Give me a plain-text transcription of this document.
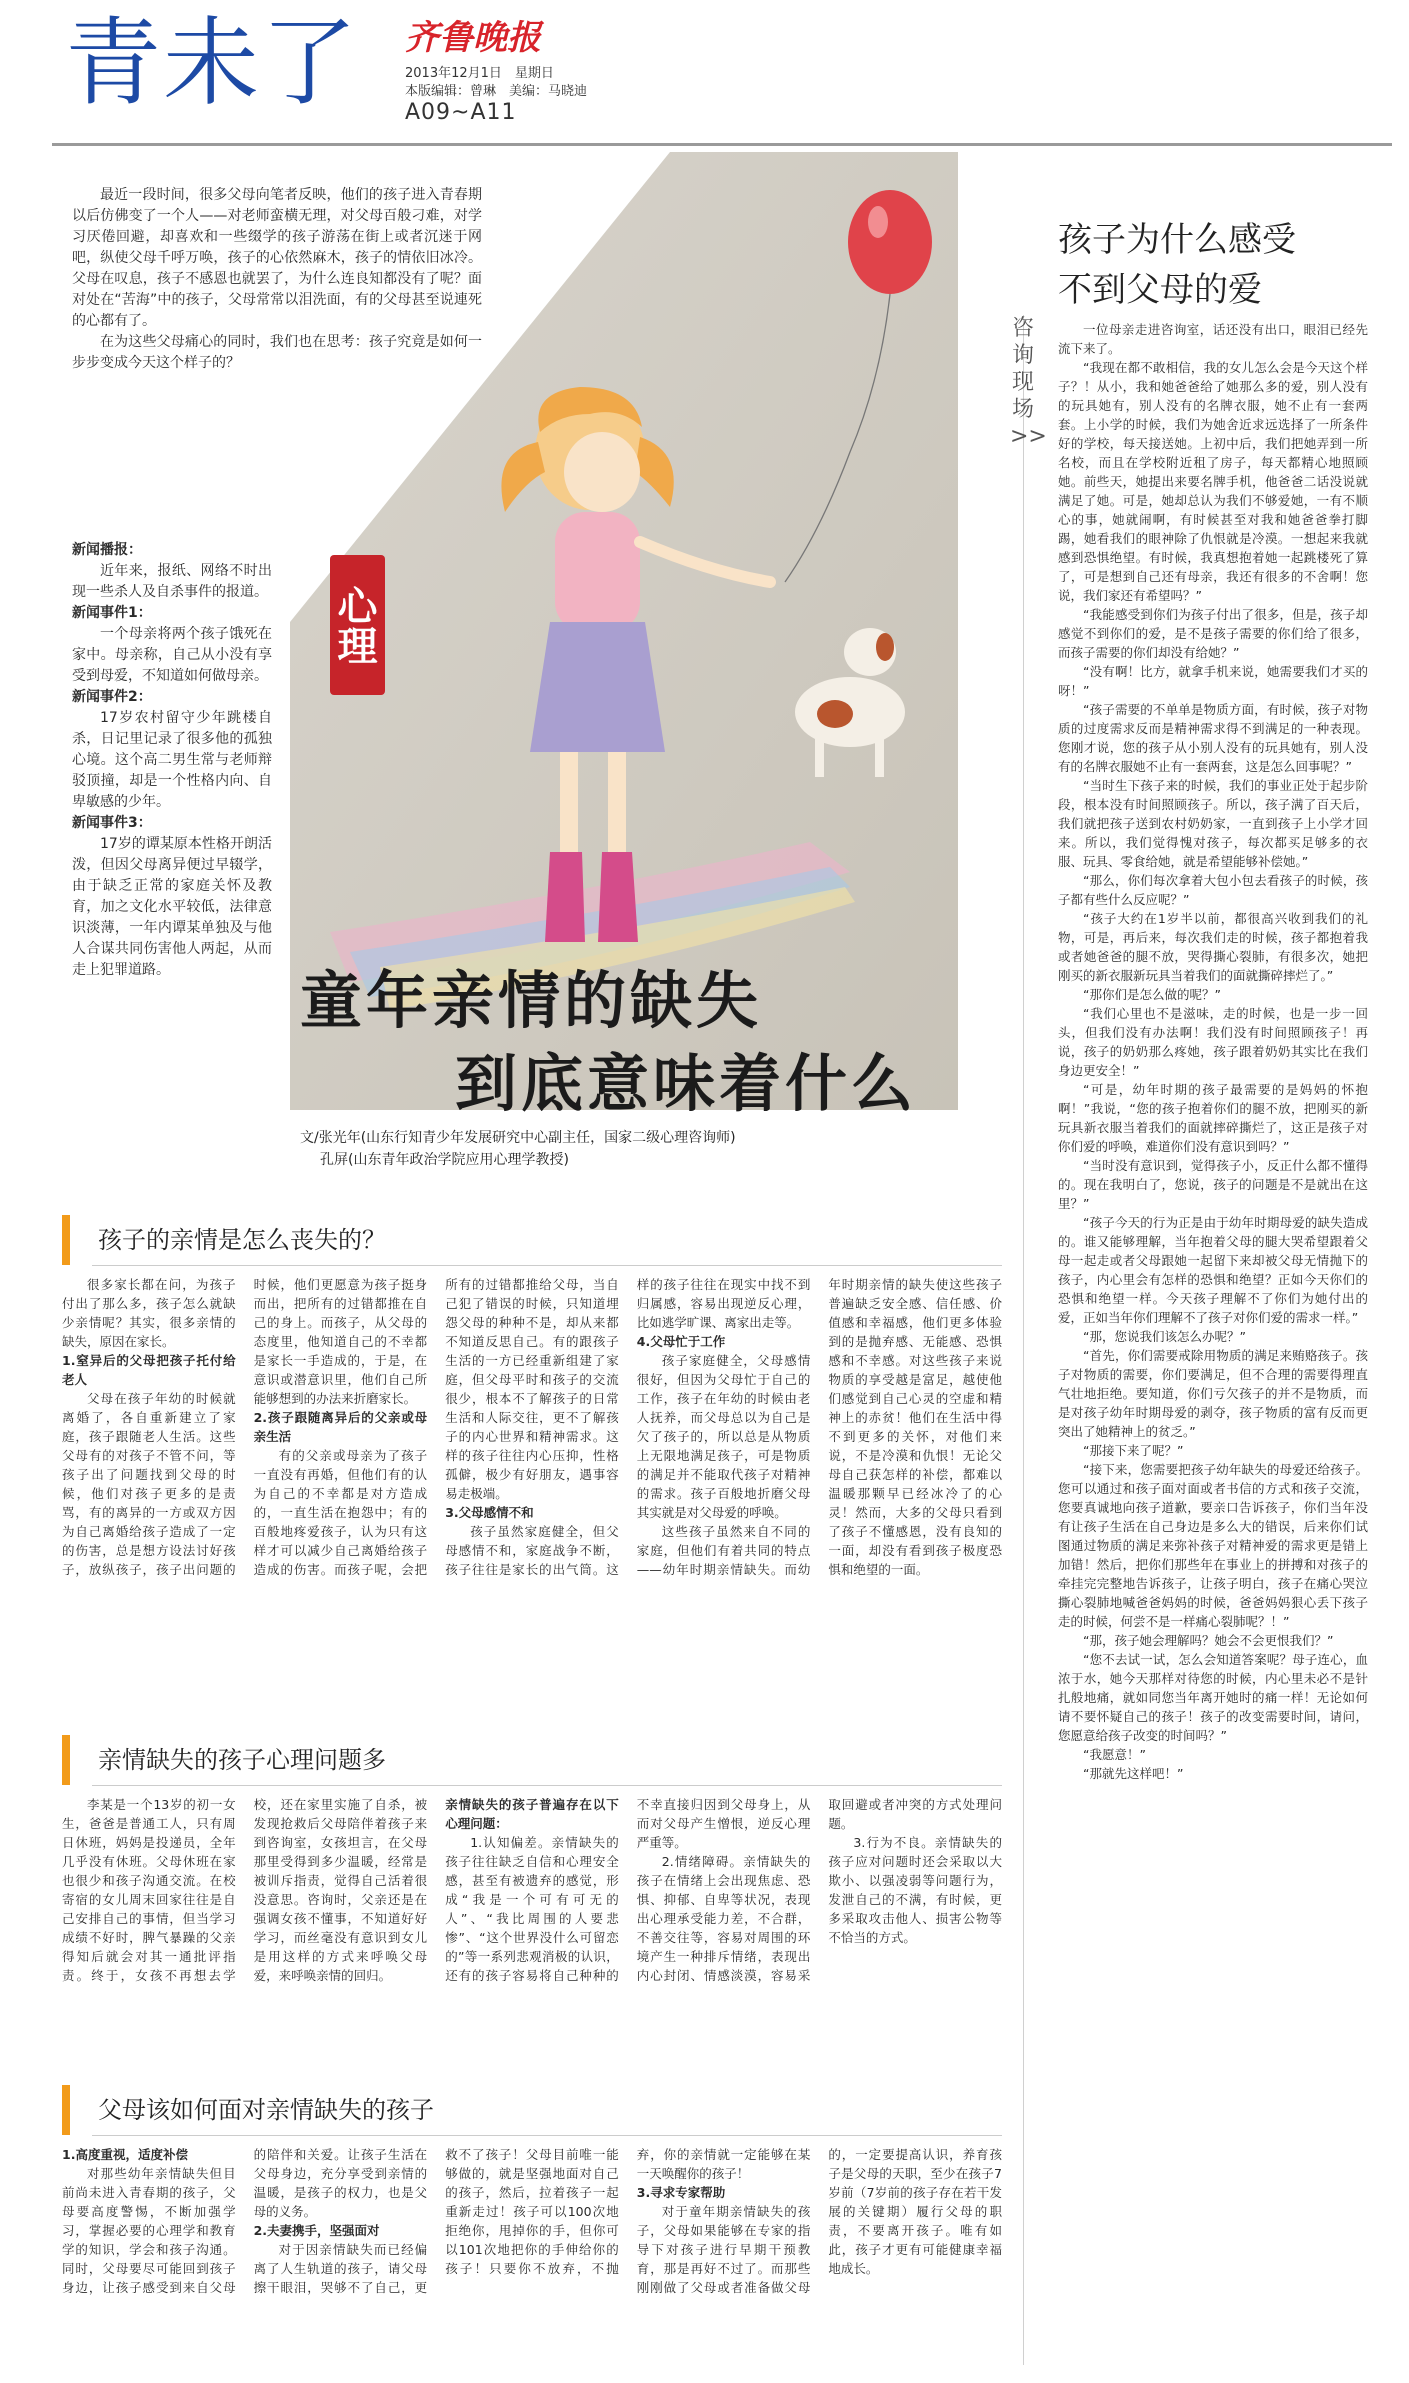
青未了 齐鲁晚报
2013年12月1日　星期日
本版编辑：曾琳　美编：马晓迪
A09~A11
心理
童年亲情的缺失
到底意味着什么
文/张光年(山东行知青少年发展研究中心副主任，国家二级心理咨询师)
孔屏(山东青年政治学院应用心理学教授)

最近一段时间，很多父母向笔者反映，他们的孩子进入青春期以后仿佛变了一个人——对老师蛮横无理，对父母百般刁难，对学习厌倦回避，却喜欢和一些缀学的孩子游荡在街上或者沉迷于网吧，纵使父母千呼万唤，孩子的心依然麻木，孩子的情依旧冰冷。父母在叹息，孩子不感恩也就罢了，为什么连良知都没有了呢？面对处在“苦海”中的孩子，父母常常以泪洗面，有的父母甚至说連死的心都有了。

在为这些父母痛心的同时，我们也在思考：孩子究竟是如何一步步变成今天这个样子的？

新闻播报：

近年来，报纸、网络不时出现一些杀人及自杀事件的报道。

新闻事件1：

一个母亲将两个孩子饿死在家中。母亲称，自己从小没有享受到母爱，不知道如何做母亲。

新闻事件2：

17岁农村留守少年跳楼自杀，日记里记录了很多他的孤独心境。这个高二男生常与老师辩驳顶撞，却是一个性格内向、自卑敏感的少年。

新闻事件3：

17岁的谭某原本性格开朗活泼，但因父母离异便过早辍学，由于缺乏正常的家庭关怀及教育，加之文化水平较低，法律意识淡薄，一年内谭某单独及与他人合谋共同伤害他人两起，从而走上犯罪道路。

孩子为什么感受
不到父母的爱
咨询现场>>

一位母亲走进咨询室，话还没有出口，眼泪已经先流下来了。

“我现在都不敢相信，我的女儿怎么会是今天这个样子？！从小，我和她爸爸给了她那么多的爱，别人没有的玩具她有，别人没有的名牌衣服，她不止有一套两套。上小学的时候，我们为她舍近求远选择了一所条件好的学校，每天接送她。上初中后，我们把她弄到一所名校，而且在学校附近租了房子，每天都精心地照顾她。前些天，她提出来要名牌手机，他爸爸二话没说就满足了她。可是，她却总认为我们不够爱她，一有不顺心的事，她就闹啊，有时候甚至对我和她爸爸拳打脚踢，她看我们的眼神除了仇恨就是冷漠。一想起来我就感到恐惧绝望。有时候，我真想抱着她一起跳楼死了算了，可是想到自己还有母亲，我还有很多的不舍啊！您说，我们家还有希望吗？”

“我能感受到你们为孩子付出了很多，但是，孩子却感觉不到你们的爱，是不是孩子需要的你们给了很多，而孩子需要的你们却没有给她？”

“没有啊！比方，就拿手机来说，她需要我们才买的呀！”

“孩子需要的不单单是物质方面，有时候，孩子对物质的过度需求反而是精神需求得不到满足的一种表现。您刚才说，您的孩子从小别人没有的玩具她有，别人没有的名牌衣服她不止有一套两套，这是怎么回事呢？”

“当时生下孩子来的时候，我们的事业正处于起步阶段，根本没有时间照顾孩子。所以，孩子满了百天后，我们就把孩子送到农村奶奶家，一直到孩子上小学才回来。所以，我们觉得愧对孩子，每次都买足够多的衣服、玩具、零食给她，就是希望能够补偿她。”

“那么，你们每次拿着大包小包去看孩子的时候，孩子都有些什么反应呢？”

“孩子大约在1岁半以前，都很高兴收到我们的礼物，可是，再后来，每次我们走的时候，孩子都抱着我或者她爸爸的腿不放，哭得撕心裂肺，有很多次，她把刚买的新衣服新玩具当着我们的面就撕碎摔烂了。”

“那你们是怎么做的呢？”

“我们心里也不是滋味，走的时候，也是一步一回头，但我们没有办法啊！我们没有时间照顾孩子！再说，孩子的奶奶那么疼她，孩子跟着奶奶其实比在我们身边更安全！”

“可是，幼年时期的孩子最需要的是妈妈的怀抱啊！”我说，“您的孩子抱着你们的腿不放，把刚买的新玩具新衣服当着我们的面就摔碎撕烂了，这正是孩子对你们爱的呼唤，难道你们没有意识到吗？”

“当时没有意识到，觉得孩子小，反正什么都不懂得的。现在我明白了，您说，孩子的问题是不是就出在这里？”

“孩子今天的行为正是由于幼年时期母爱的缺失造成的。谁又能够理解，当年抱着父母的腿大哭希望跟着父母一起走或者父母跟她一起留下来却被父母无情抛下的孩子，内心里会有怎样的恐惧和绝望？正如今天你们的恐惧和绝望一样。今天孩子理解不了你们为她付出的爱，正如当年你们理解不了孩子对你们爱的需求一样。”

“那，您说我们该怎么办呢？”

“首先，你们需要戒除用物质的满足来贿赂孩子。孩子对物质的需要，你们要满足，但不合理的需要得理直气壮地拒绝。要知道，你们亏欠孩子的并不是物质，而是对孩子幼年时期母爱的剥夺，孩子物质的富有反而更突出了她精神上的贫乏。”

“那接下来了呢？”

“接下来，您需要把孩子幼年缺失的母爱还给孩子。您可以通过和孩子面对面或者书信的方式和孩子交流，您要真诚地向孩子道歉，要亲口告诉孩子，你们当年没有让孩子生活在自己身边是多么大的错误，后来你们试图通过物质的满足来弥补孩子对精神爱的需求更是错上加错！然后，把你们那些年在事业上的拼搏和对孩子的牵挂完完整地告诉孩子，让孩子明白，孩子在痛心哭泣撕心裂肺地喊爸爸妈妈的时候，爸爸妈妈狠心丢下孩子走的时候，何尝不是一样痛心裂肺呢？！”

“那，孩子她会理解吗？她会不会更恨我们？”

“您不去试一试，怎么会知道答案呢？母子连心，血浓于水，她今天那样对待您的时候，内心里未必不是针扎般地痛，就如同您当年离开她时的痛一样！无论如何请不要怀疑自己的孩子！孩子的改变需要时间，请问，您愿意给孩子改变的时间吗？”

“我愿意！”

“那就先这样吧！”

孩子的亲情是怎么丧失的？

很多家长都在问，为孩子付出了那么多，孩子怎么就缺少亲情呢？其实，很多亲情的缺失，原因在家长。

1.窒异后的父母把孩子托付给老人

父母在孩子年幼的时候就离婚了，各自重新建立了家庭，孩子跟随老人生活。这些父母有的对孩子不管不问，等孩子出了问题找到父母的时候，他们对孩子更多的是责骂，有的离异的一方或双方因为自己离婚给孩子造成了一定的伤害，总是想方设法讨好孩子，放纵孩子，孩子出问题的时候，他们更愿意为孩子挺身而出，把所有的过错都推在自己的身上。而孩子，从父母的态度里，他知道自己的不幸都是家长一手造成的，于是，在意识或潜意识里，他们自己所能够想到的办法来折磨家长。

2.孩子跟随离异后的父亲或母亲生活

有的父亲或母亲为了孩子一直没有再婚，但他们有的认为自己的不幸都是对方造成的，一直生活在抱怨中；有的百般地疼爱孩子，认为只有这样才可以减少自己离婚给孩子造成的伤害。而孩子呢，会把所有的过错都推给父母，当自己犯了错误的时候，只知道埋怨父母的种种不是，却从来都不知道反思自己。有的跟孩子生活的一方已经重新组建了家庭，但父母平时和孩子的交流很少，根本不了解孩子的日常生活和人际交往，更不了解孩子的内心世界和精神需求。这样的孩子往往内心压抑，性格孤僻，极少有好朋友，遇事容易走极端。

3.父母感情不和

孩子虽然家庭健全，但父母感情不和，家庭战争不断，孩子往往是家长的出气筒。这样的孩子往往在现实中找不到归属感，容易出现逆反心理，比如逃学旷课、离家出走等。

4.父母忙于工作

孩子家庭健全，父母感情很好，但因为父母忙于自己的工作，孩子在年幼的时候由老人抚养，而父母总以为自己是欠了孩子的，所以总是从物质上无限地满足孩子，可是物质的满足并不能取代孩子对精神的需求。孩子百般地折磨父母其实就是对父母爱的呼唤。

这些孩子虽然来自不同的家庭，但他们有着共同的特点——幼年时期亲情缺失。而幼年时期亲情的缺失使这些孩子普遍缺乏安全感、信任感、价值感和幸福感，他们更多体验到的是抛弃感、无能感、恐惧感和不幸感。对这些孩子来说物质的享受越是富足，越使他们感觉到自己心灵的空虚和精神上的赤贫！他们在生活中得不到更多的关怀，对他们来说，不是冷漠和仇恨！无论父母自己获怎样的补偿，都难以温暖那颗早已经冰冷了的心灵！然而，大多的父母只看到了孩子不懂感恩，没有良知的一面，却没有看到孩子极度恐惧和绝望的一面。

亲情缺失的孩子心理问题多

李某是一个13岁的初一女生，爸爸是普通工人，只有周日休班，妈妈是投递员，全年几乎没有休班。父母休班在家也很少和孩子沟通交流。在校寄宿的女儿周末回家往往是自己安排自己的事情，但当学习成绩不好时，脾气暴躁的父亲得知后就会对其一通批评指责。终于，女孩不再想去学校，还在家里实施了自杀，被发现抢救后父母陪伴着孩子来到咨询室，女孩坦言，在父母那里受得到多少温暖，经常是被训斥指责，觉得自己活着很没意思。咨询时，父亲还是在强调女孩不懂事，不知道好好学习，而丝毫没有意识到女儿是用这样的方式来呼唤父母爱，来呼唤亲情的回归。

亲情缺失的孩子普遍存在以下心理问题：

1.认知偏差。亲情缺失的孩子往往缺乏自信和心理安全感，甚至有被遗弃的感觉，形成“我是一个可有可无的人”、“我比周围的人要悲惨”、“这个世界没什么可留恋的”等一系列悲观消极的认识，还有的孩子容易将自己种种的不幸直接归因到父母身上，从而对父母产生憎恨，逆反心理严重等。

2.情绪障碍。亲情缺失的孩子在情绪上会出现焦虑、恐惧、抑郁、自卑等状况，表现出心理承受能力差，不合群，不善交往等，容易对周围的环境产生一种排斥情绪，表现出内心封闭、情感淡漠，容易采取回避或者冲突的方式处理问题。

3.行为不良。亲情缺失的孩子应对问题时还会采取以大欺小、以强凌弱等问题行为，发泄自己的不满，有时候，更多采取攻击他人、损害公物等不恰当的方式。

父母该如何面对亲情缺失的孩子

1.高度重视，适度补偿

对那些幼年亲情缺失但目前尚未进入青春期的孩子，父母要高度警惕，不断加强学习，掌握必要的心理学和教育学的知识，学会和孩子沟通。同时，父母要尽可能回到孩子身边，让孩子感受到来自父母的陪伴和关爱。让孩子生活在父母身边，充分享受到亲情的温暖，是孩子的权力，也是父母的义务。

2.夫妻携手，坚强面对

对于因亲情缺失而已经偏离了人生轨道的孩子，请父母擦干眼泪，哭够不了自己，更救不了孩子！父母目前唯一能够做的，就是坚强地面对自己的孩子，然后，拉着孩子一起重新走过！孩子可以100次地拒绝你，甩掉你的手，但你可以101次地把你的手伸给你的孩子！只要你不放弃，不抛弃，你的亲情就一定能够在某一天唤醒你的孩子！

3.寻求专家帮助

对于童年期亲情缺失的孩子，父母如果能够在专家的指导下对孩子进行早期干预教育，那是再好不过了。而那些刚刚做了父母或者准备做父母的，一定要提高认识，养育孩子是父母的天职，至少在孩子7岁前（7岁前的孩子存在若干发展的关键期）履行父母的职责，不要离开孩子。唯有如此，孩子才更有可能健康幸福地成长。
